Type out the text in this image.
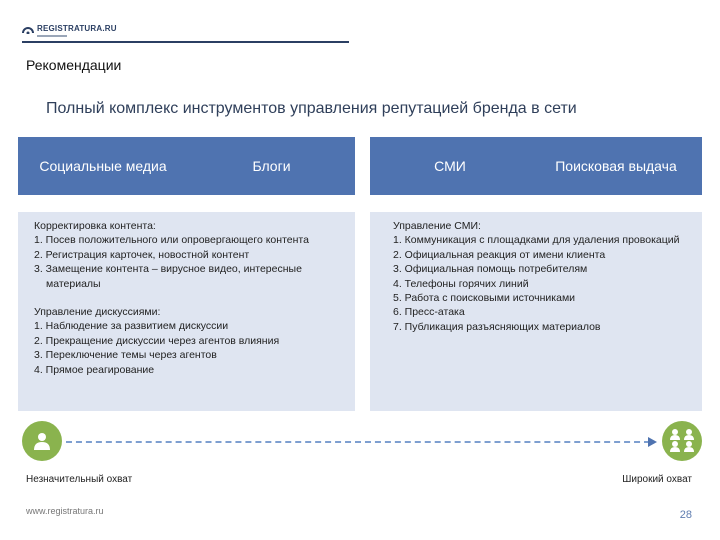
REGISTRATURA.RU
Рекомендации
Полный комплекс инструментов управления репутацией бренда в сети
Социальные медиа	Блоги	СМИ	Поисковая выдача
Корректировка контента:
1. Посев положительного или опровергающего контента
2. Регистрация карточек, новостной контент
3. Замещение контента – вирусное видео, интересные материалы
Управление дискуссиями:
1. Наблюдение за развитием дискуссии
2. Прекращение дискуссии через агентов влияния
3. Переключение темы через агентов
4. Прямое реагирование
Управление СМИ:
1. Коммуникация с площадками для удаления провокаций
2. Официальная реакция от имени клиента
3. Официальная помощь потребителям
4. Телефоны горячих линий
5. Работа с поисковыми источниками
6. Пресс-атака
7. Публикация разъясняющих материалов
Незначительный охват	Широкий охват
www.registratura.ru	28
